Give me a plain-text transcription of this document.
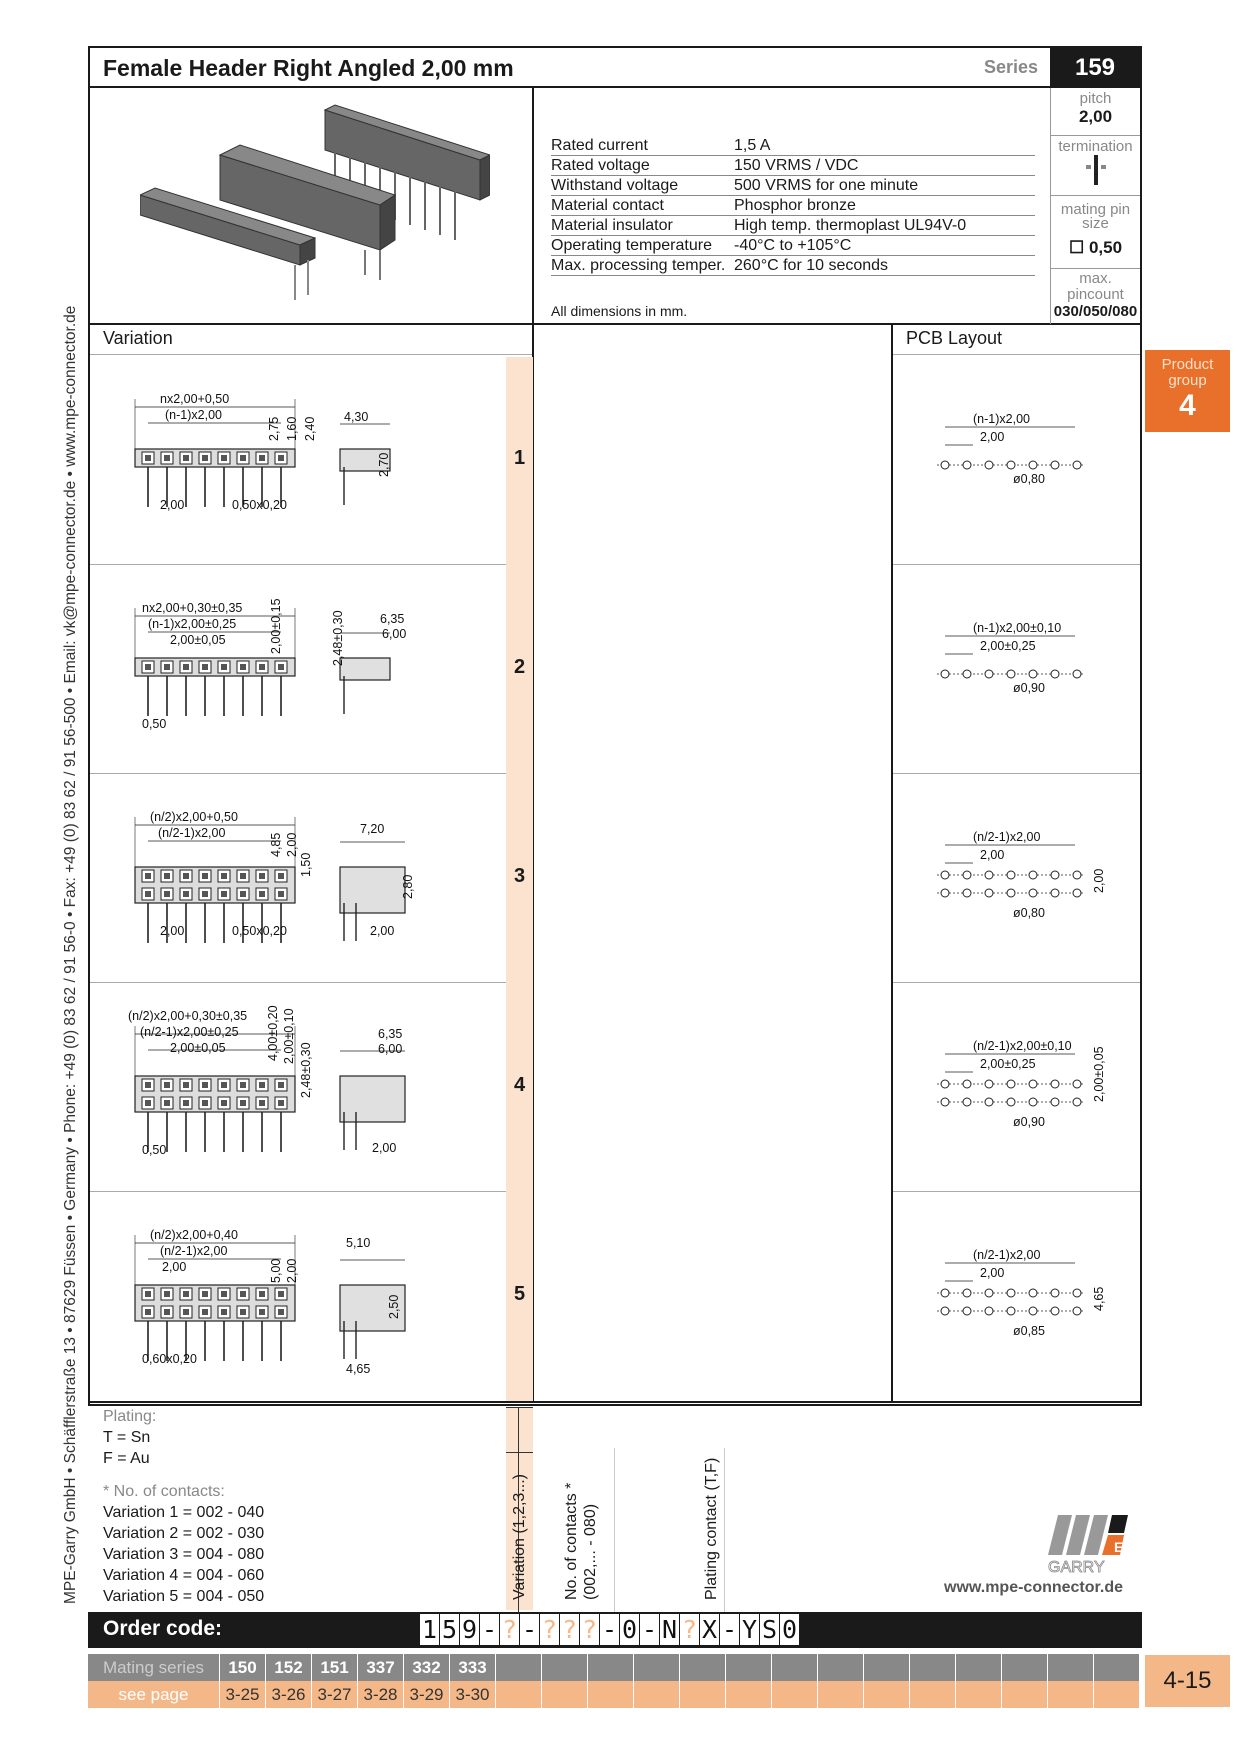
MPE-Garry GmbH • Schäfflerstraße 13 • 87629 Füssen • Germany • Phone: +49 (0) 83 62 / 91 56-0 • Fax: +49 (0) 83 62 / 91 56-500 • Email: vk@mpe-connector.de • www.mpe-connector.de
Female Header Right Angled 2,00 mm	Series	159
Rated current	1,5 A
Rated voltage	150 VRMS / VDC
Withstand voltage	500 VRMS for one minute
Material contact	Phosphor bronze
Material insulator	High temp. thermoplast UL94V-0
Operating temperature	-40°C to +105°C
Max. processing temper. 260°C for 10 seconds
All dimensions in mm.
pitch
2,00
termination
mating pin
size
☐ 0,50
max.
pincount
030/050/080
Product
group
4
Variation	PCB Layout
1
nx2,00+0,50
(n-1)x2,00
2,75 1,60 2,40 4,30
2,70
2,00	0,50x0,20
(n-1)x2,00
2,00
ø0,80
2
nx2,00+0,30±0,35
(n-1)x2,00±0,25
2,00±0,05	2,00±0,15	2,48±0,30	6,35
6,00
0,50
(n-1)x2,00±0,10
2,00±0,25
ø0,90
3
(n/2)x2,00+0,50
(n/2-1)x2,00	4,85 2,00
1,50
7,20
2,80
2,00	0,50x0,20	2,00
(n/2-1)x2,00
2,00
2,00
ø0,80
4
(n/2)x2,00+0,30±0,35
(n/2-1)x2,00±0,25
2,00±0,05	4,00±0,20 2,00±0,10
2,48±0,30
6,35
6,00
2,00
0,50
(n/2-1)x2,00±0,10
2,00±0,25	2,00±0,05
ø0,90
5
(n/2)x2,00+0,40
(n/2-1)x2,00
2,00	5,00 2,00
5,10
2,50
0,60x0,20
4,65
(n/2-1)x2,00
2,00
4,65
ø0,85
Plating:
T = Sn
F = Au
* No. of contacts:
Variation 1 = 002 - 040
Variation 2 = 002 - 030
Variation 3 = 004 - 080
Variation 4 = 004 - 060
Variation 5 = 004 - 050	Variation (1,2,3...) No. of contacts * (002,... - 080)	Plating contact (T,F)	E
GARRY
www.mpe-connector.de
Order code:	1 5 9 - ? - ? ? ? - 0 - N ? X - Y S 0
Mating series	150	152	151	337	332	333
see page	3-25 3-26 3-27 3-28 3-29 3-30
4-15
